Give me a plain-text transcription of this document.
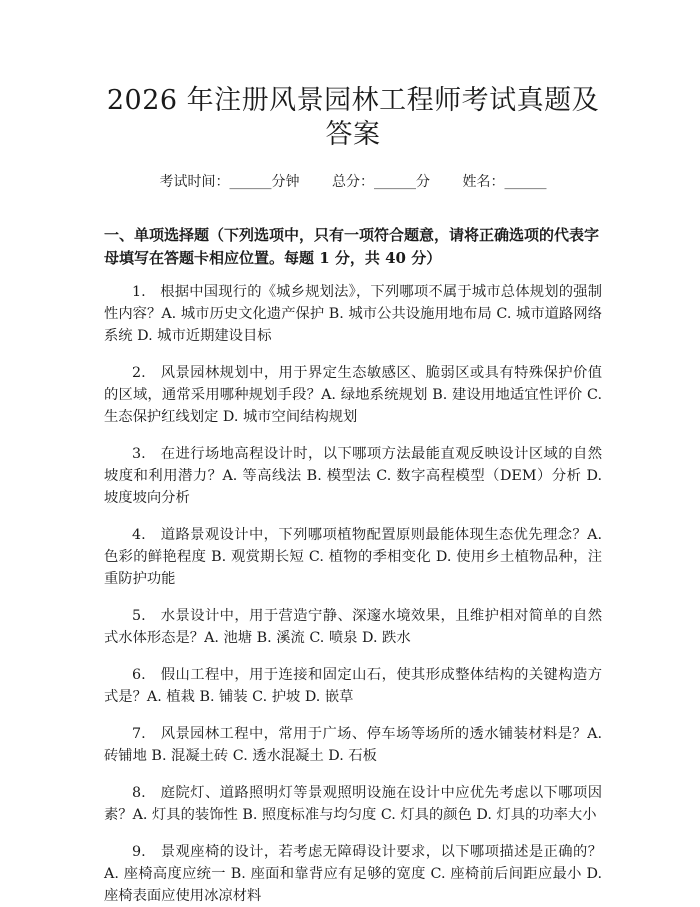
2026 年注册风景园林工程师考试真题及答案
考试时间：______分钟 总分：______分 姓名：______
一、单项选择题（下列选项中，只有一项符合题意，请将正确选项的代表字母填写在答题卡相应位置。每题 1 分，共 40 分）

1.　根据中国现行的《城乡规划法》，下列哪项不属于城市总体规划的强制性内容？A. 城市历史文化遗产保护 B. 城市公共设施用地布局 C. 城市道路网络系统 D. 城市近期建设目标

2.　风景园林规划中，用于界定生态敏感区、脆弱区或具有特殊保护价值的区域，通常采用哪种规划手段？A. 绿地系统规划 B. 建设用地适宜性评价 C. 生态保护红线划定 D. 城市空间结构规划

3.　在进行场地高程设计时，以下哪项方法最能直观反映设计区域的自然坡度和利用潜力？A. 等高线法 B. 模型法 C. 数字高程模型（DEM）分析 D. 坡度坡向分析

4.　道路景观设计中，下列哪项植物配置原则最能体现生态优先理念？A. 色彩的鲜艳程度 B. 观赏期长短 C. 植物的季相变化 D. 使用乡土植物品种，注重防护功能

5.　水景设计中，用于营造宁静、深邃水境效果，且维护相对简单的自然式水体形态是？A. 池塘 B. 溪流 C. 喷泉 D. 跌水

6.　假山工程中，用于连接和固定山石，使其形成整体结构的关键构造方式是？A. 植栽 B. 铺装 C. 护坡 D. 嵌草

7.　风景园林工程中，常用于广场、停车场等场所的透水铺装材料是？A. 砖铺地 B. 混凝土砖 C. 透水混凝土 D. 石板

8.　庭院灯、道路照明灯等景观照明设施在设计中应优先考虑以下哪项因素？A. 灯具的装饰性 B. 照度标准与均匀度 C. 灯具的颜色 D. 灯具的功率大小

9.　景观座椅的设计，若考虑无障碍设计要求，以下哪项描述是正确的？A. 座椅高度应统一 B. 座面和靠背应有足够的宽度 C. 座椅前后间距应最小 D. 座椅表面应使用冰凉材料
